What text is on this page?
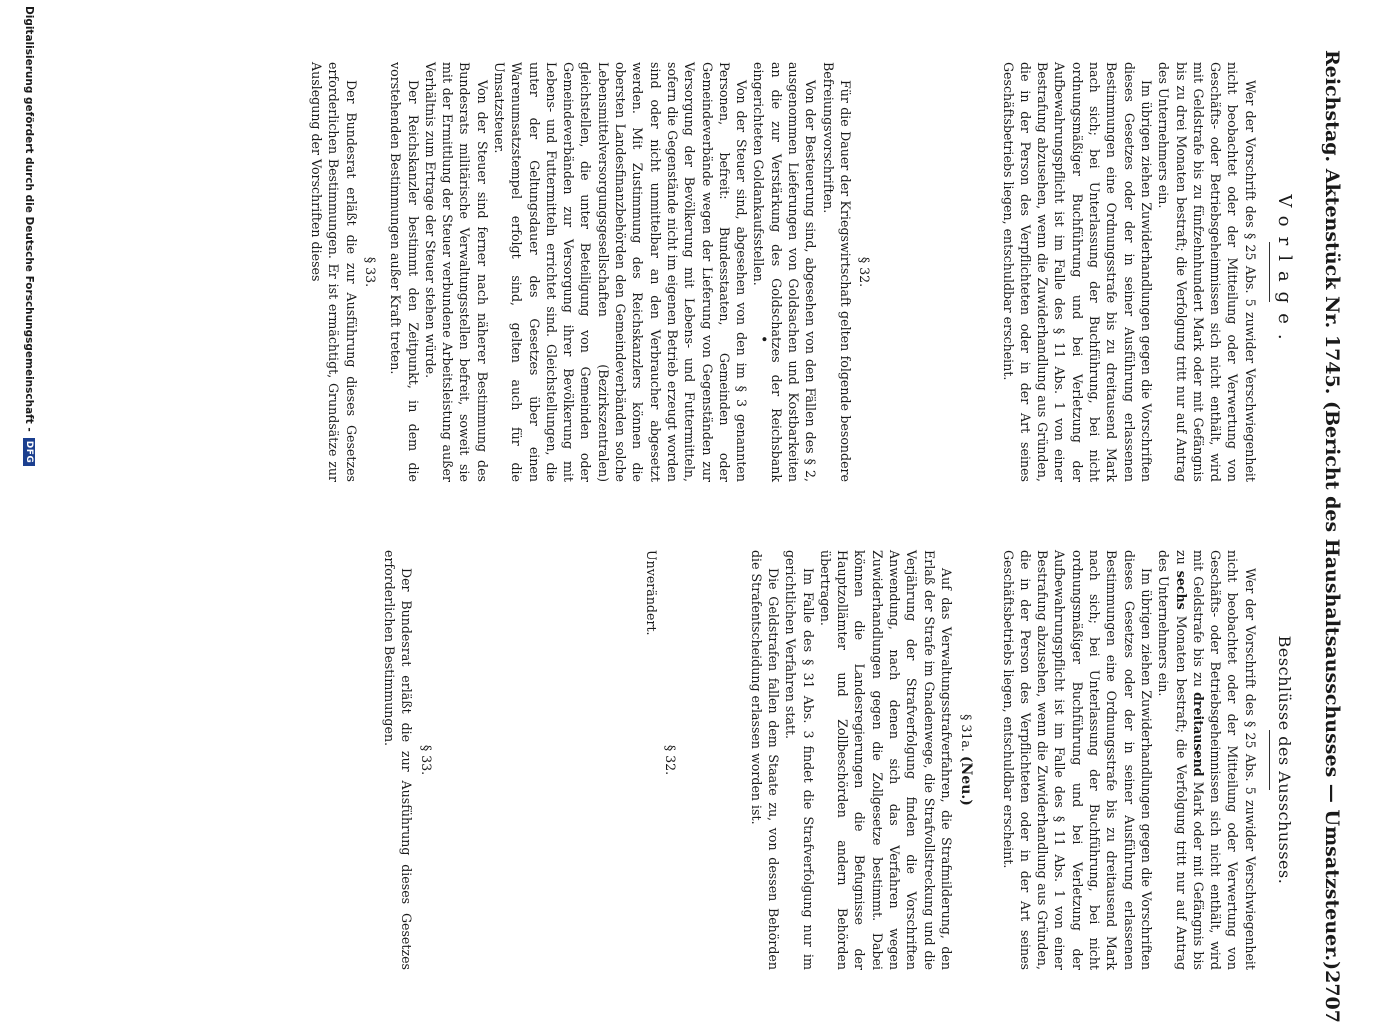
Reichstag. Aktenstück Nr. 1745. (Bericht des Haushaltsausschusses — Umsatzsteuer.)
2707
Vorlage.

Wer der Vorschrift des § 25 Abs. 5 zuwider Verschwiegenheit nicht beobachtet oder der Mitteilung oder Verwertung von Geschäfts- oder Betriebsgeheimnissen sich nicht enthält, wird mit Geldstrafe bis zu fünfzehnhundert Mark oder mit Gefängnis bis zu drei Monaten bestraft; die Verfolgung tritt nur auf Antrag des Unternehmers ein.

Im übrigen ziehen Zuwiderhandlungen gegen die Vorschriften dieses Gesetzes oder der in seiner Ausführung erlassenen Bestimmungen eine Ordnungsstrafe bis zu dreitausend Mark nach sich; bei Unterlassung der Buchführung, bei nicht ordnungsmäßiger Buchführung und bei Verletzung der Aufbewahrungspflicht ist im Falle des § 11 Abs. 1 von einer Bestrafung abzusehen, wenn die Zuwiderhandlung aus Gründen, die in der Person des Verpflichteten oder in der Art seines Geschäftsbetriebs liegen, entschuldbar erscheint.

§ 32.

Für die Dauer der Kriegswirtschaft gelten folgende besondere Befreiungsvorschriften.

Von der Besteuerung sind, abgesehen von den Fällen des § 2, ausgenommen Lieferungen von Goldsachen und Kostbarkeiten an die zur Verstärkung des Goldschatzes der Reichsbank eingerichteten Goldankaufsstellen.

Von der Steuer sind, abgesehen von den im § 3 genannten Personen, befreit: Bundesstaaten, Gemeinden oder Gemeindeverbände wegen der Lieferung von Gegenständen zur Versorgung der Bevölkerung mit Lebens- und Futtermitteln, sofern die Gegenstände nicht im eigenen Betrieb erzeugt worden sind oder nicht unmittelbar an den Verbraucher abgesetzt werden. Mit Zustimmung des Reichskanzlers können die obersten Landesfinanzbehörden den Gemeindeverbänden solche Lebensmittelversorgungsgesellschaften (Bezirkszentralen) gleichstellen, die unter Beteiligung von Gemeinden oder Gemeindeverbänden zur Versorgung ihrer Bevölkerung mit Lebens- und Futtermitteln errichtet sind. Gleichstellungen, die unter der Geltungsdauer des Gesetzes über einen Warenumsatzstempel erfolgt sind, gelten auch für die Umsatzsteuer.

Von der Steuer sind ferner nach näherer Bestimmung des Bundesrats militärische Verwaltungsstellen befreit, soweit sie mit der Ermittlung der Steuer verbundene Arbeitsleistung außer Verhältnis zum Ertrage der Steuer stehen würde.

Der Reichskanzler bestimmt den Zeitpunkt, in dem die vorstehenden Bestimmungen außer Kraft treten.

§ 33.

Der Bundesrat erläßt die zur Ausführung dieses Gesetzes erforderlichen Bestimmungen. Er ist ermächtigt, Grundsätze zur Auslegung der Vorschriften dieses

Beschlüsse des Ausschusses.

Wer der Vorschrift des § 25 Abs. 5 zuwider Verschwiegenheit nicht beobachtet oder der Mitteilung oder Verwertung von Geschäfts- oder Betriebsgeheimnissen sich nicht enthält, wird mit Geldstrafe bis zu dreitausend Mark oder mit Gefängnis bis zu sechs Monaten bestraft; die Verfolgung tritt nur auf Antrag des Unternehmers ein.

Im übrigen ziehen Zuwiderhandlungen gegen die Vorschriften dieses Gesetzes oder der in seiner Ausführung erlassenen Bestimmungen eine Ordnungsstrafe bis zu dreitausend Mark nach sich; bei Unterlassung der Buchführung, bei nicht ordnungsmäßiger Buchführung und bei Verletzung der Aufbewahrungspflicht ist im Falle des § 11 Abs. 1 von einer Bestrafung abzusehen, wenn die Zuwiderhandlung aus Gründen, die in der Person des Verpflichteten oder in der Art seines Geschäftsbetriebs liegen, entschuldbar erscheint.

§ 31a. (Neu.)

Auf das Verwaltungsstrafverfahren, die Strafmilderung, den Erlaß der Strafe im Gnadenwege, die Strafvollstreckung und die Verjährung der Strafverfolgung finden die Vorschriften Anwendung, nach denen sich das Verfahren wegen Zuwiderhandlungen gegen die Zollgesetze bestimmt. Dabei können die Landesregierungen die Befugnisse der Hauptzollämter und Zollbeschörden andern Behörden übertragen.

Im Falle des § 31 Abs. 3 findet die Strafverfolgung nur im gerichtlichen Verfahren statt.

Die Geldstrafen fallen dem Staate zu, von dessen Behörden die Strafentscheidung erlassen worden ist.

§ 32.

Unverändert.

§ 33.

Der Bundesrat erläßt die zur Ausführung dieses Gesetzes erforderlichen Bestimmungen.

•
Digitalisierung gefördert durch die Deutsche Forschungsgemeinschaft -
DFG
